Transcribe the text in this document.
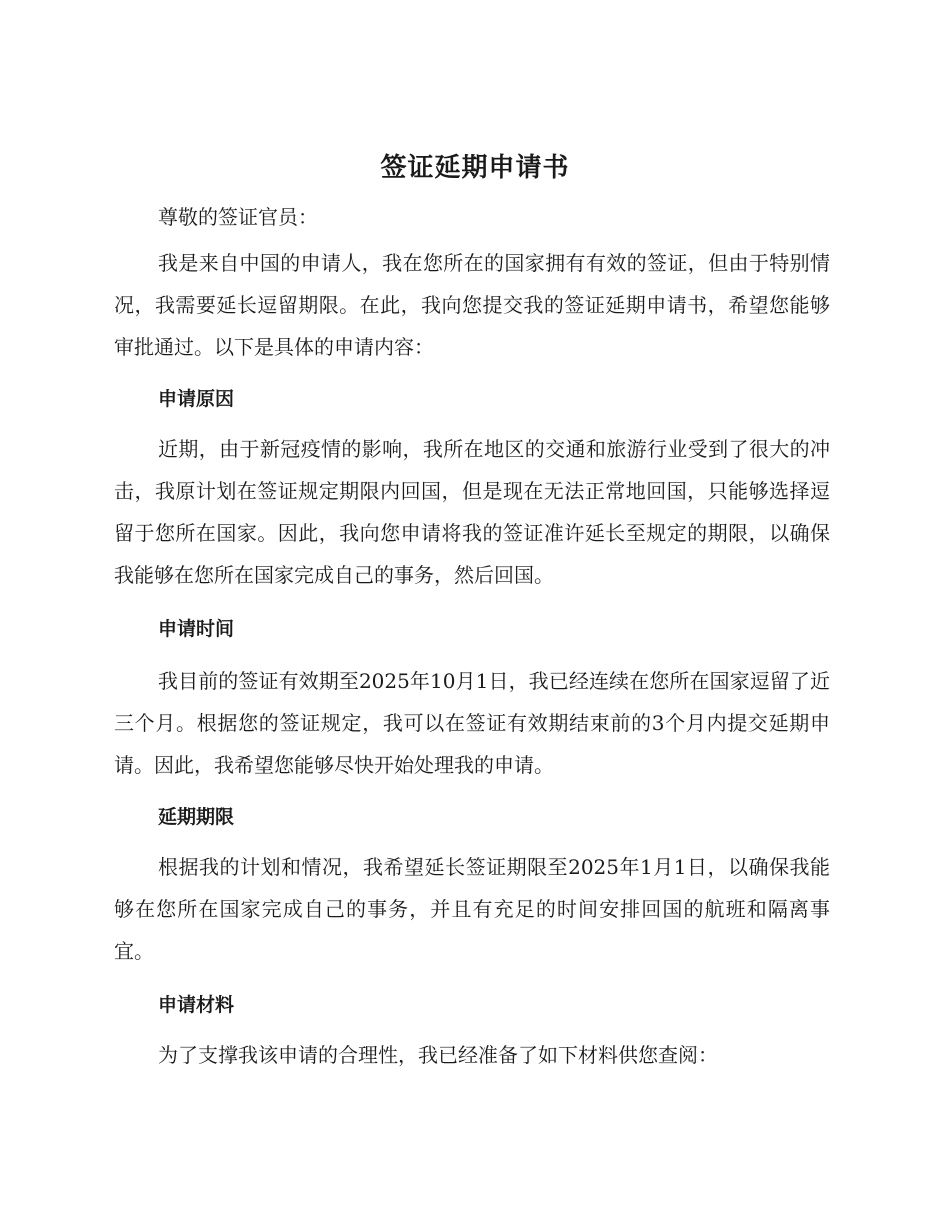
签证延期申请书

尊敬的签证官员：

我是来自中国的申请人，我在您所在的国家拥有有效的签证，但由于特别情况，我需要延长逗留期限。在此，我向您提交我的签证延期申请书，希望您能够审批通过。以下是具体的申请内容：

申请原因

近期，由于新冠疫情的影响，我所在地区的交通和旅游行业受到了很大的冲击，我原计划在签证规定期限内回国，但是现在无法正常地回国，只能够选择逗留于您所在国家。因此，我向您申请将我的签证准许延长至规定的期限，以确保我能够在您所在国家完成自己的事务，然后回国。

申请时间

我目前的签证有效期至2025年10月1日，我已经连续在您所在国家逗留了近三个月。根据您的签证规定，我可以在签证有效期结束前的3个月内提交延期申请。因此，我希望您能够尽快开始处理我的申请。

延期期限

根据我的计划和情况，我希望延长签证期限至2025年1月1日，以确保我能够在您所在国家完成自己的事务，并且有充足的时间安排回国的航班和隔离事宜。

申请材料

为了支撑我该申请的合理性，我已经准备了如下材料供您查阅：
